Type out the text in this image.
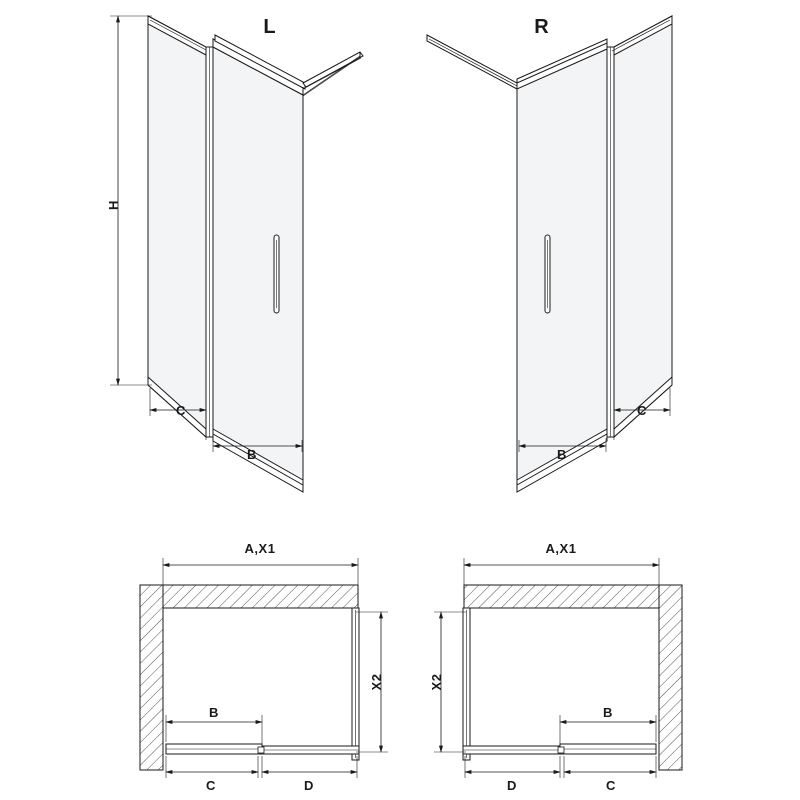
L	R
H
C
B	B
C
A,X1
X2
B
C	D
A,X1
X2
B
D	C
